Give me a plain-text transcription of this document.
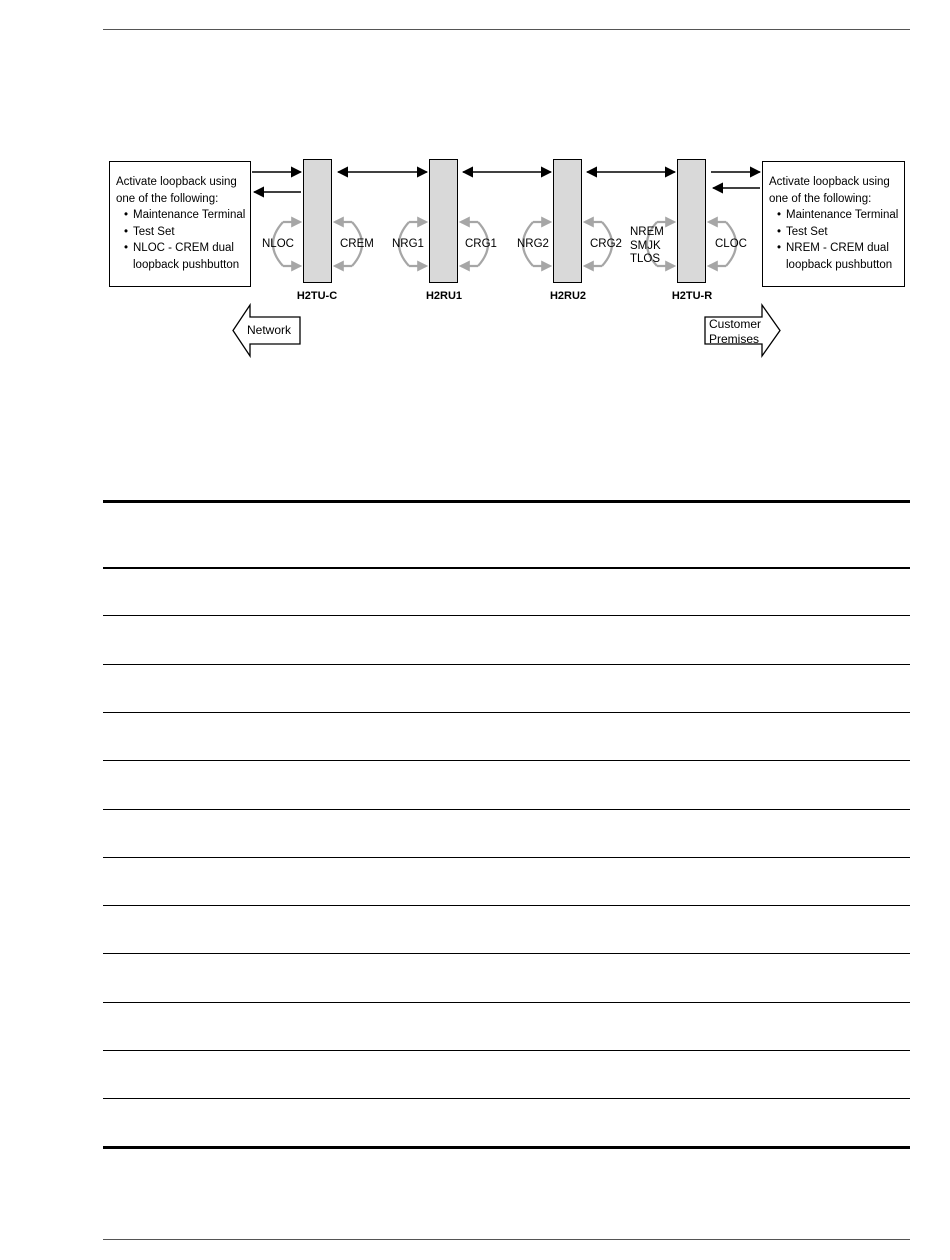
Activate loopback using
one of the following:
• Maintenance Terminal
• Test Set
• NLOC - CREM dual
loopback pushbutton
Activate loopback using
one of the following:
• Maintenance Terminal
• Test Set
• NREM - CREM dual
loopback pushbutton
H2TU-C	H2RU1	H2RU2	H2TU-R
NLOC	CREM NRG1	CRG1 NRG2	CRG2
NREM
SMJK
TLOS
CLOC
Network	Customer
Premises
